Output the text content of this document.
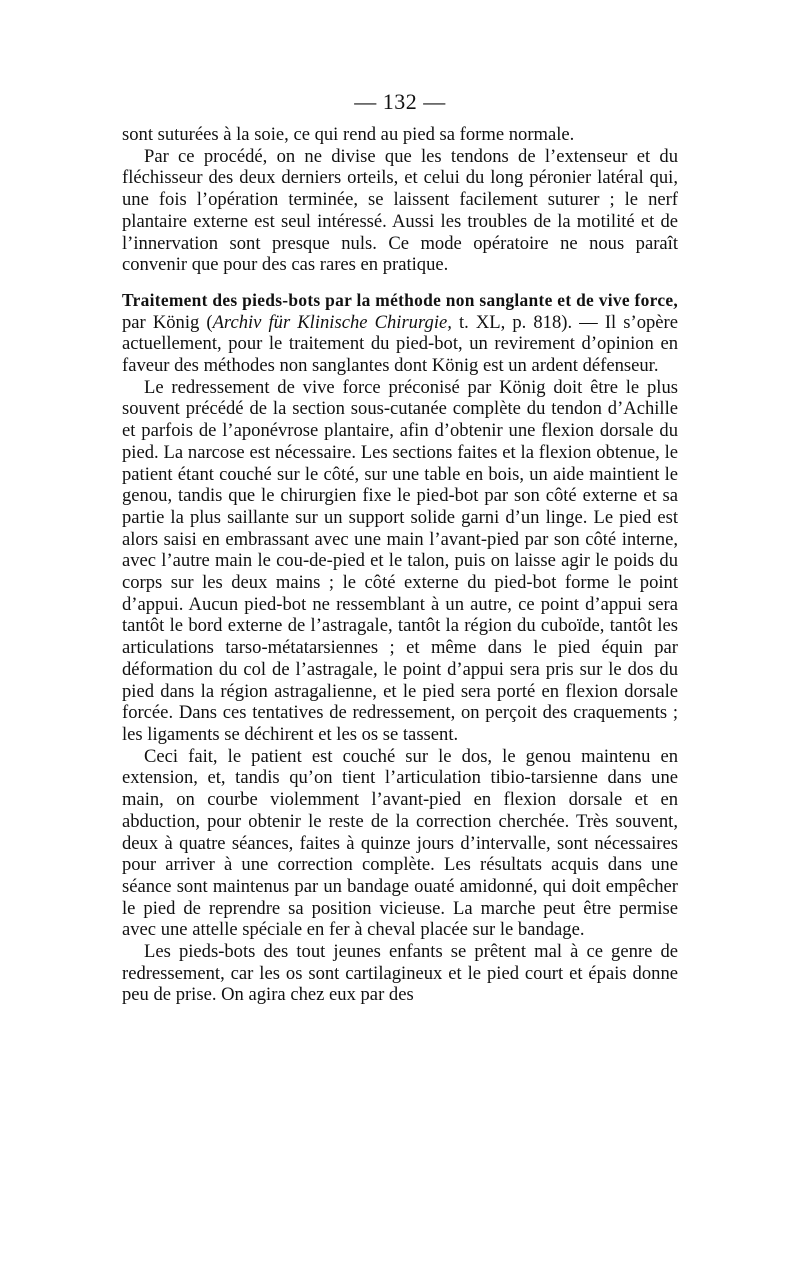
— 132 —

sont suturées à la soie, ce qui rend au pied sa forme normale.

Par ce procédé, on ne divise que les tendons de l’extenseur et du fléchisseur des deux derniers orteils, et celui du long péronier latéral qui, une fois l’opération terminée, se laissent facilement suturer ; le nerf plantaire externe est seul intéressé. Aussi les troubles de la motilité et de l’innervation sont presque nuls. Ce mode opératoire ne nous paraît convenir que pour des cas rares en pratique.

Traitement des pieds-bots par la méthode non sanglante et de vive force, par König (Archiv für Klinische Chirurgie, t. XL, p. 818). — Il s’opère actuellement, pour le traitement du pied-bot, un revirement d’opinion en faveur des méthodes non sanglantes dont König est un ardent défenseur.

Le redressement de vive force préconisé par König doit être le plus souvent précédé de la section sous-cutanée complète du tendon d’Achille et parfois de l’aponévrose plantaire, afin d’obtenir une flexion dorsale du pied. La narcose est nécessaire. Les sections faites et la flexion obtenue, le patient étant couché sur le côté, sur une table en bois, un aide maintient le genou, tandis que le chirurgien fixe le pied-bot par son côté externe et sa partie la plus saillante sur un support solide garni d’un linge. Le pied est alors saisi en embrassant avec une main l’avant-pied par son côté interne, avec l’autre main le cou-de-pied et le talon, puis on laisse agir le poids du corps sur les deux mains ; le côté externe du pied-bot forme le point d’appui. Aucun pied-bot ne ressemblant à un autre, ce point d’appui sera tantôt le bord externe de l’astragale, tantôt la région du cuboïde, tantôt les articulations tarso-métatarsiennes ; et même dans le pied équin par déformation du col de l’astragale, le point d’appui sera pris sur le dos du pied dans la région astragalienne, et le pied sera porté en flexion dorsale forcée. Dans ces tentatives de redressement, on perçoit des craquements ; les ligaments se déchirent et les os se tassent.

Ceci fait, le patient est couché sur le dos, le genou maintenu en extension, et, tandis qu’on tient l’articulation tibio-tarsienne dans une main, on courbe violemment l’avant-pied en flexion dorsale et en abduction, pour obtenir le reste de la correction cherchée. Très souvent, deux à quatre séances, faites à quinze jours d’intervalle, sont nécessaires pour arriver à une correction complète. Les résultats acquis dans une séance sont maintenus par un bandage ouaté amidonné, qui doit empêcher le pied de reprendre sa position vicieuse. La marche peut être permise avec une attelle spéciale en fer à cheval placée sur le bandage.

Les pieds-bots des tout jeunes enfants se prêtent mal à ce genre de redressement, car les os sont cartilagineux et le pied court et épais donne peu de prise. On agira chez eux par des
